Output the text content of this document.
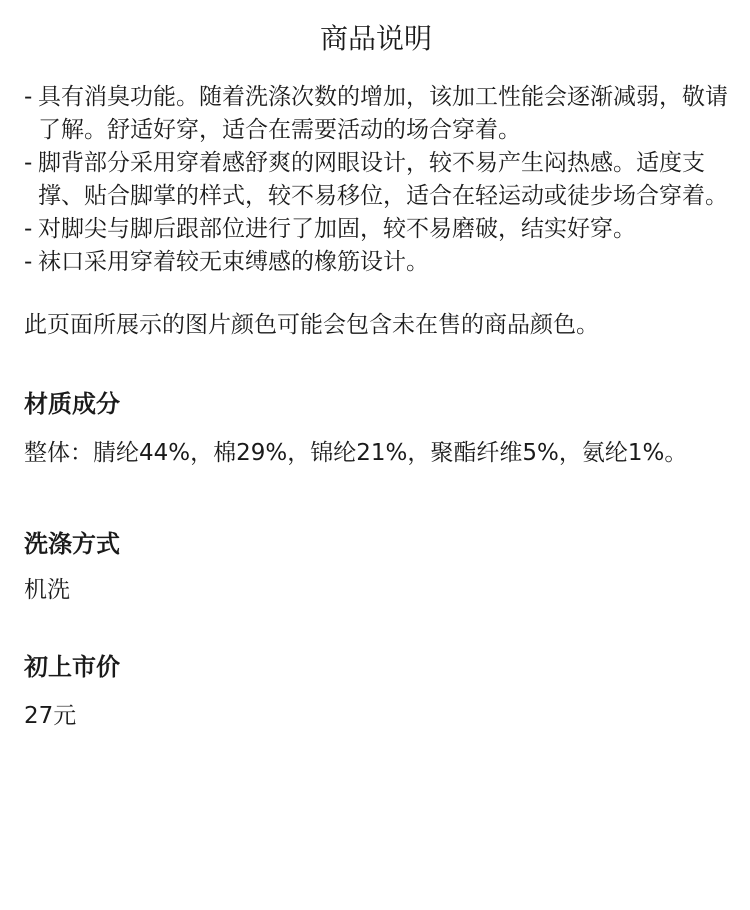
商品说明
- 具有消臭功能。随着洗涤次数的增加，该加工性能会逐渐减弱，敬请了解。舒适好穿，适合在需要活动的场合穿着。
- 脚背部分采用穿着感舒爽的网眼设计，较不易产生闷热感。适度支撑、贴合脚掌的样式，较不易移位，适合在轻运动或徒步场合穿着。
- 对脚尖与脚后跟部位进行了加固，较不易磨破，结实好穿。
- 袜口采用穿着较无束缚感的橡筋设计。

此页面所展示的图片颜色可能会包含未在售的商品颜色。

材质成分

整体：腈纶44%，棉29%，锦纶21%，聚酯纤维5%，氨纶1%。

洗涤方式

机洗

初上市价

27元
